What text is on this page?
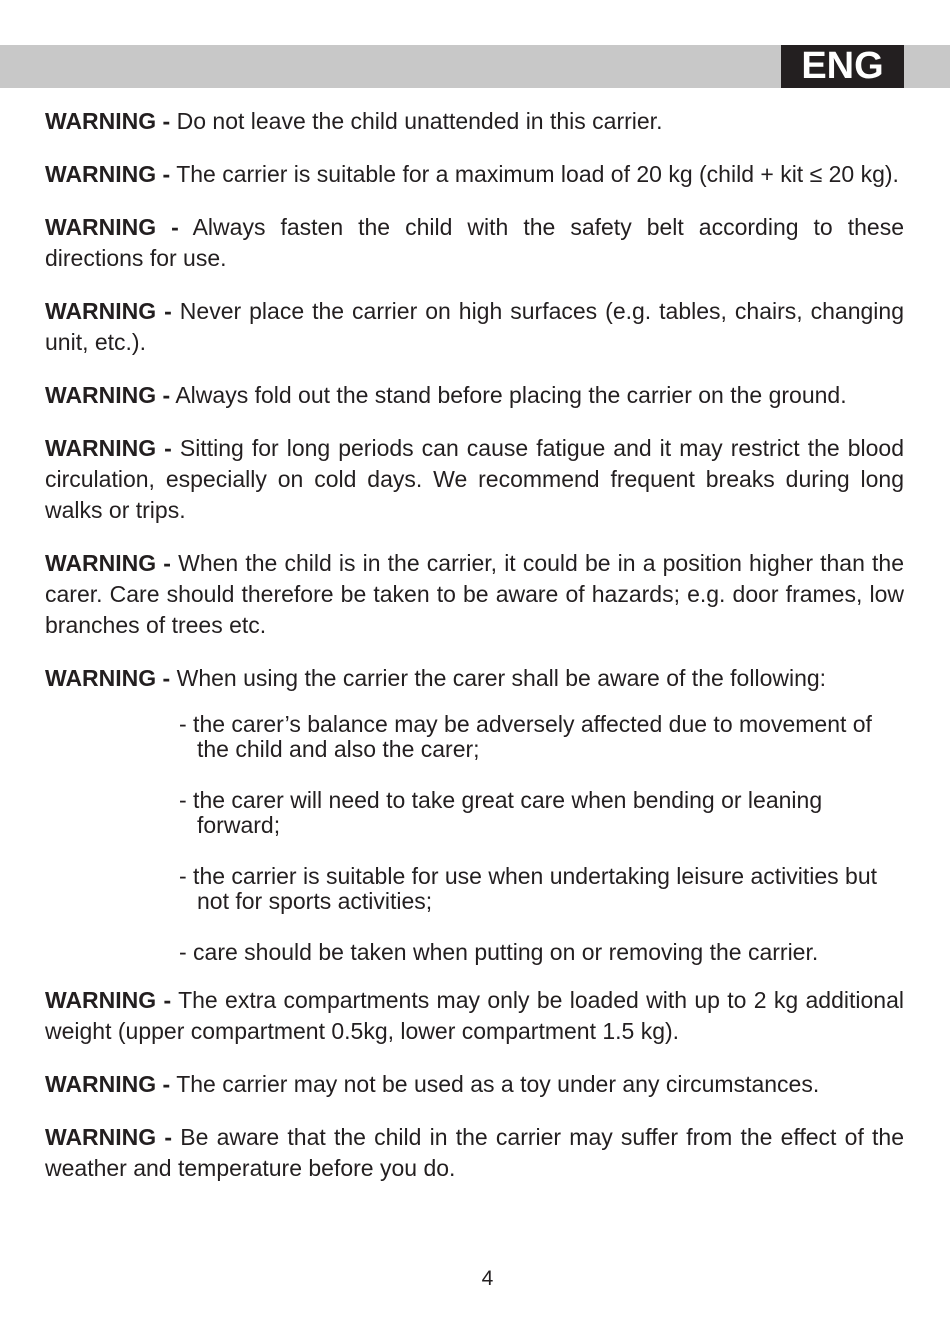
ENG

WARNING - Do not leave the child unattended in this carrier.

WARNING - The carrier is suitable for a maximum load of 20 kg (child + kit ≤ 20 kg).

WARNING - Always fasten the child with the safety belt according to these directions for use.

WARNING - Never place the carrier on high surfaces (e.g. tables, chairs, changing unit, etc.).

WARNING - Always fold out the stand before placing the carrier on the ground.

WARNING - Sitting for long periods can cause fatigue and it may restrict the blood circulation, especially on cold days. We recommend frequent breaks during long walks or trips.

WARNING - When the child is in the carrier, it could be in a position higher than the carer. Care should therefore be taken to be aware of hazards; e.g. door frames, low branches of trees etc.

WARNING - When using the carrier the carer shall be aware of the following:

- the carer’s balance may be adversely affected due to movement of the child and also the carer;
- the carer will need to take great care when bending or leaning forward;
- the carrier is suitable for use when undertaking leisure activities but not for sports activities;
- care should be taken when putting on or removing the carrier.

WARNING - The extra compartments may only be loaded with up to 2 kg additional weight (upper compartment 0.5kg, lower compartment 1.5 kg).

WARNING - The carrier may not be used as a toy under any circumstances.

WARNING - Be aware that the child in the carrier may suffer from the effect of the weather and temperature before you do.

4
